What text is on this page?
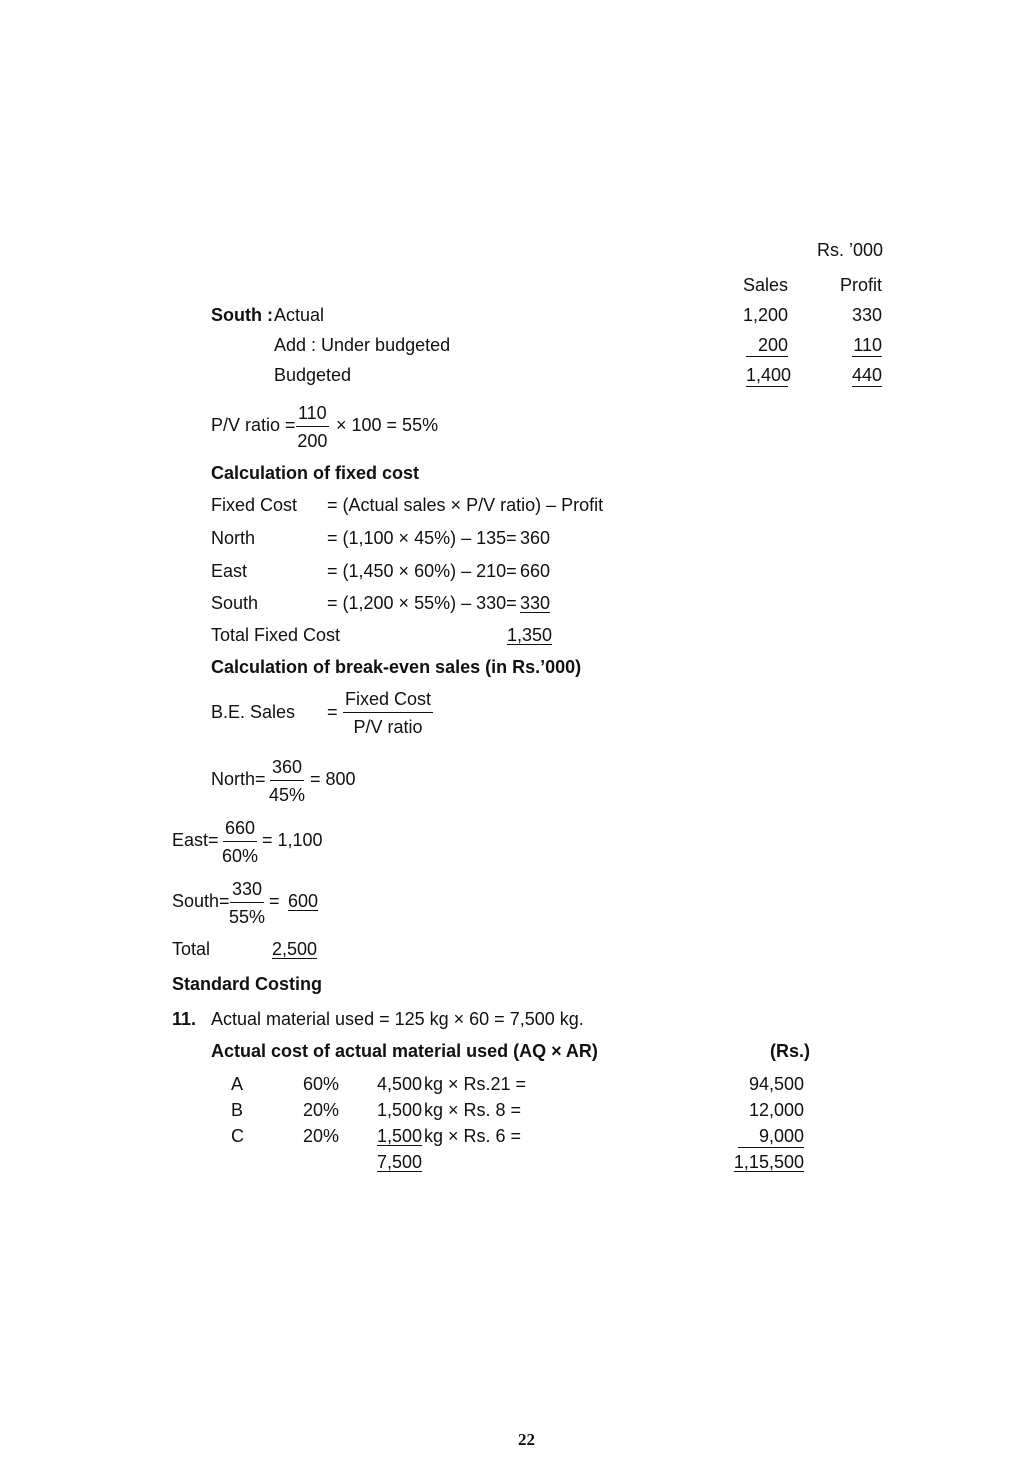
Rs. ’000
Sales	Profit
South : Actual	1,200	330
Add : Under budgeted	200	110
Budgeted	1,400	440
P/V ratio = $\frac{110}{200} \times 100 = 55\%$
Calculation of fixed cost
Fixed Cost = (Actual sales × P/V ratio) – Profit
North	= (1,100 × 45%) – 135= 360
East	= (1,450 × 60%) – 210= 660
South	= (1,200 × 55%) – 330= 330
Total Fixed Cost	1,350
Calculation of break-even sales (in Rs.’000)
B.E. Sales =
Fixed Cost
P/V ratio
North= $\frac{360}{45\%} = 800$
East= $\frac{660}{60\%} = 1,100$
South= $\frac{330}{55\%} = 600$
Total	2,500
Standard Costing
11. Actual material used = 125 kg × 60 = 7,500 kg.
Actual cost of actual material used (AQ × AR)	(Rs.)
A	60% 4,500 kg × Rs.21 =	94,500
B	20% 1,500 kg × Rs. 8 =	12,000
C	20% 1,500 kg × Rs. 6 =	9,000
7,500	1,15,500
22
